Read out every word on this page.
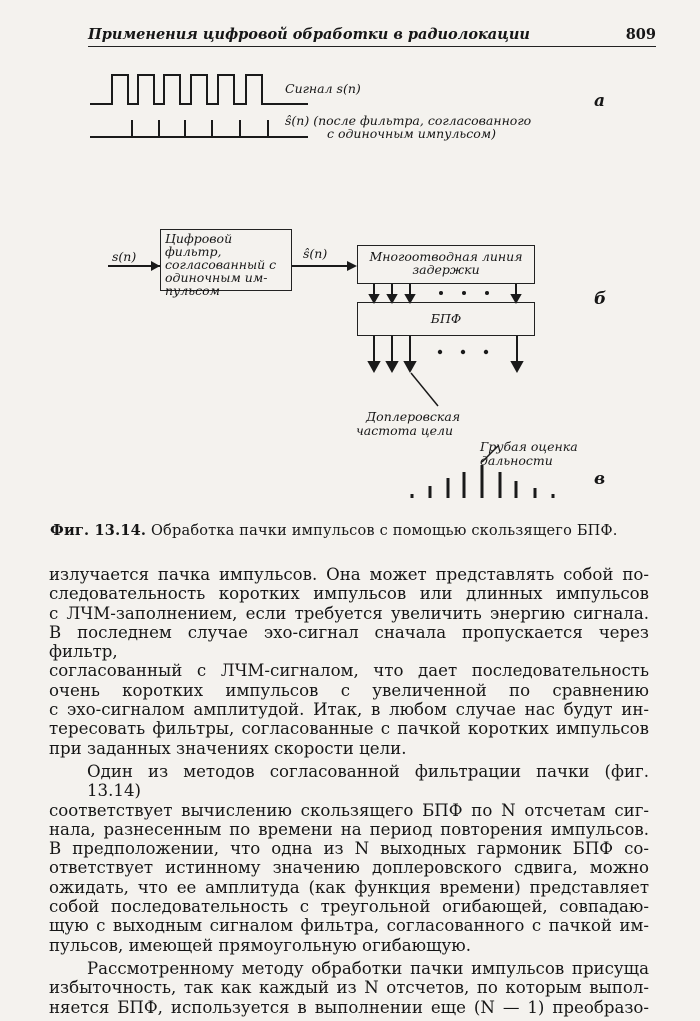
Применения цифровой обработки в радиолокации	809
Сигнал s(n)
ŝ(n) (после фильтра, согласованного
с одиночным импульсом)
а
s(n)
Цифровой фильтр,
согласованный с
одиночным им-
пульсом
ŝ(n)	Многоотводная линия
задержки
БПФ
Доплеровская
частота цели
б
Грубая оценка
дальности
в
Фиг. 13.14. Обработка пачки импульсов с помощью скользящего БПФ.

излучается пачка импульсов. Она может представлять собой по-
следовательность коротких импульсов или длинных импульсов
с ЛЧМ-заполнением, если требуется увеличить энергию сигнала.
В последнем случае эхо-сигнал сначала пропускается через фильтр,
согласованный с ЛЧМ-сигналом, что дает последовательность
очень коротких импульсов с увеличенной по сравнению
с эхо-сигналом амплитудой. Итак, в любом случае нас будут ин-
тересовать фильтры, согласованные с пачкой коротких импульсов
при заданных значениях скорости цели.

Один из методов согласованной фильтрации пачки (фиг. 13.14)
соответствует вычислению скользящего БПФ по N отсчетам сиг-
нала, разнесенным по времени на период повторения импульсов.
В предположении, что одна из N выходных гармоник БПФ со-
ответствует истинному значению доплеровского сдвига, можно
ожидать, что ее амплитуда (как функция времени) представляет
собой последовательность с треугольной огибающей, совпадаю-
щую с выходным сигналом фильтра, согласованного с пачкой им-
пульсов, имеющей прямоугольную огибающую.

Рассмотренному методу обработки пачки импульсов присуща
избыточность, так как каждый из N отсчетов, по которым выпол-
няется БПФ, используется в выполнении еще (N — 1) преобразо-
